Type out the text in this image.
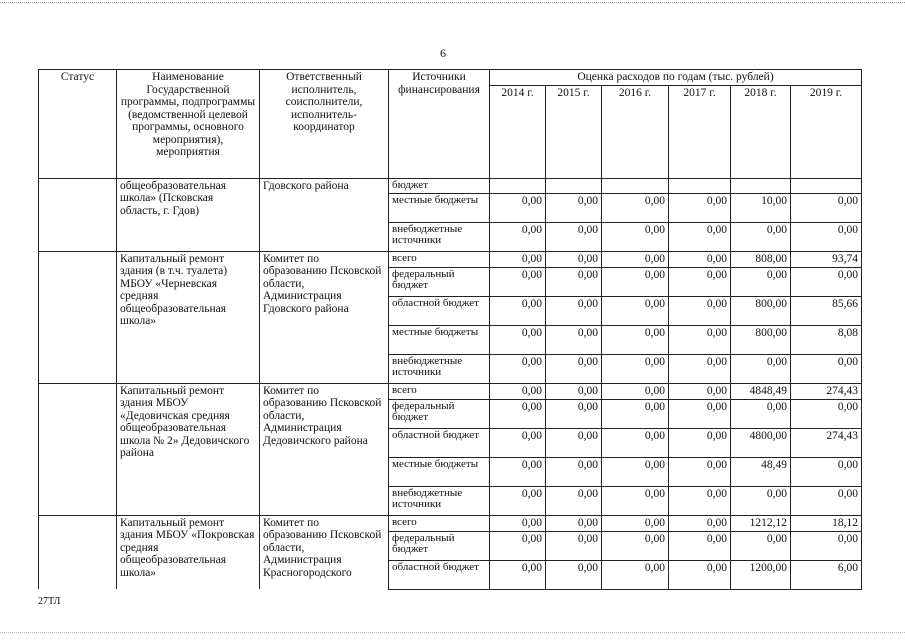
6
Статус	Наименование Государственной программы, подпрограммы (ведомственной целевой программы, основного мероприятия), мероприятия	Ответственный исполнитель, соисполнители, исполнитель-координатор	Источники финансирования	Оценка расходов по годам (тыс. рублей)					
				2014 г.	2015 г.	2016 г.	2017 г.	2018 г.	2019 г.
	общеобразовательная школа» (Псковская область, г. Гдов)	Гдовского района	бюджет						
			местные бюджеты	0,00	0,00	0,00	0,00	10,00	0,00
			внебюджетные источники	0,00	0,00	0,00	0,00	0,00	0,00
	Капитальный ремонт здания (в т.ч. туалета) МБОУ «Черневская средняя общеобразовательная школа»	Комитет по образованию Псковской области, Администрация Гдовского района	всего	0,00	0,00	0,00	0,00	808,00	93,74
			федеральный бюджет	0,00	0,00	0,00	0,00	0,00	0,00
			областной бюджет	0,00	0,00	0,00	0,00	800,00	85,66
			местные бюджеты	0,00	0,00	0,00	0,00	800,00	8,08
			внебюджетные источники	0,00	0,00	0,00	0,00	0,00	0,00
	Капитальный ремонт здания МБОУ «Дедовичская средняя общеобразовательная школа № 2» Дедовичского района	Комитет по образованию Псковской области, Администрация Дедовичского района	всего	0,00	0,00	0,00	0,00	4848,49	274,43
			федеральный бюджет	0,00	0,00	0,00	0,00	0,00	0,00
			областной бюджет	0,00	0,00	0,00	0,00	4800,00	274,43
			местные бюджеты	0,00	0,00	0,00	0,00	48,49	0,00
			внебюджетные источники	0,00	0,00	0,00	0,00	0,00	0,00
	Капитальный ремонт здания МБОУ «Покровская средняя общеобразовательная школа»	Комитет по образованию Псковской области, Администрация Красногородского	всего	0,00	0,00	0,00	0,00	1212,12	18,12
			федеральный бюджет	0,00	0,00	0,00	0,00	0,00	0,00
			областной бюджет	0,00	0,00	0,00	0,00	1200,00	6,00
27ТЛ
